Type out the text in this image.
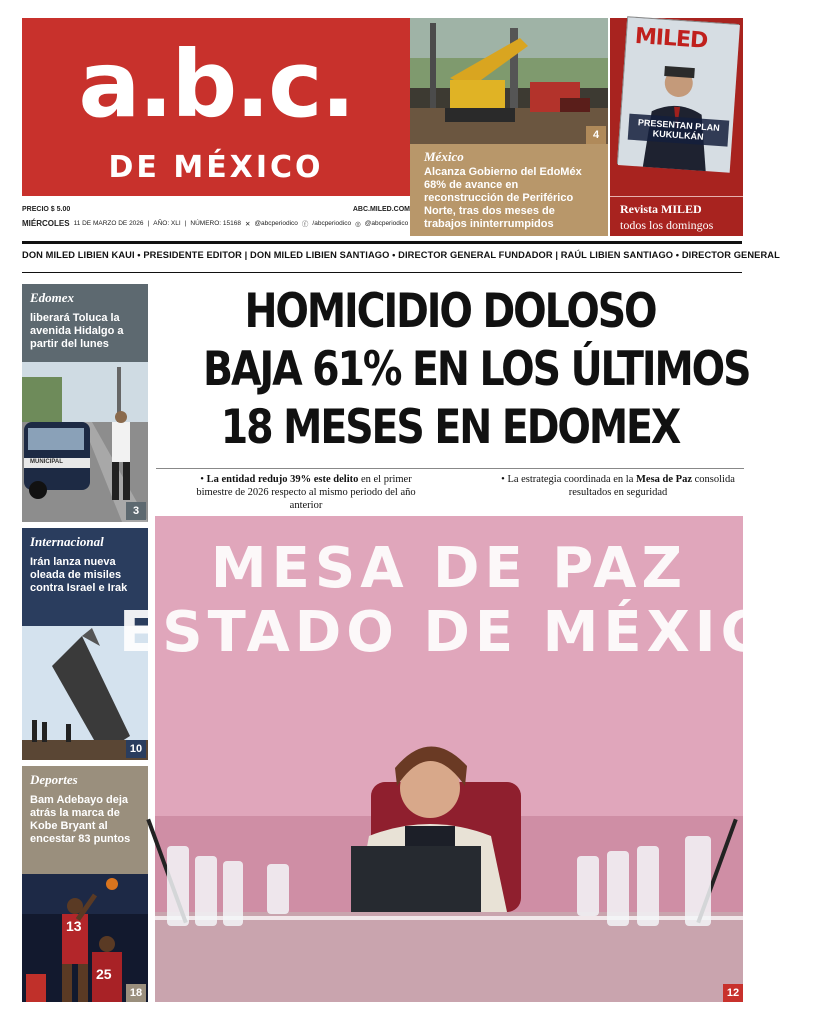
a.b.c.
DE MÉXICO
PRECIO $ 5.00	ABC.MILED.COM
MIÉRCOLES 11 DE MARZO DE 2026 | AÑO: XLI | NÚMERO: 15168 ✕ @abcperiodico ⓕ /abcperiodico ◎ @abcperiodico
4
México
Alcanza Gobierno del EdoMéx 68% de avance en reconstrucción de Periférico Norte, tras dos meses de trabajos ininterrumpidos
MILED
PRESENTAN PLAN KUKULKÁN
Revista MILED
todos los domingos
DON MILED LIBIEN KAUI • PRESIDENTE EDITOR | DON MILED LIBIEN SANTIAGO • DIRECTOR GENERAL FUNDADOR | RAÚL LIBIEN SANTIAGO • DIRECTOR GENERAL
Edomex
liberará Toluca la avenida Hidalgo a partir del lunes
MUNICIPAL
3
Internacional
Irán lanza nueva oleada de misiles contra Israel e Irak
10
Deportes
Bam Adebayo deja atrás la marca de Kobe Bryant al encestar 83 puntos
13
25
18
HOMICIDIO DOLOSO
BAJA 61% EN LOS ÚLTIMOS
18 MESES EN EDOMEX
• La entidad redujo 39% este delito en el primer bimestre de 2026 respecto al mismo periodo del año anterior
• La estrategia coordinada en la Mesa de Paz consolida resultados en seguridad
MESA DE PAZ
ESTADO DE MÉXICO
12
